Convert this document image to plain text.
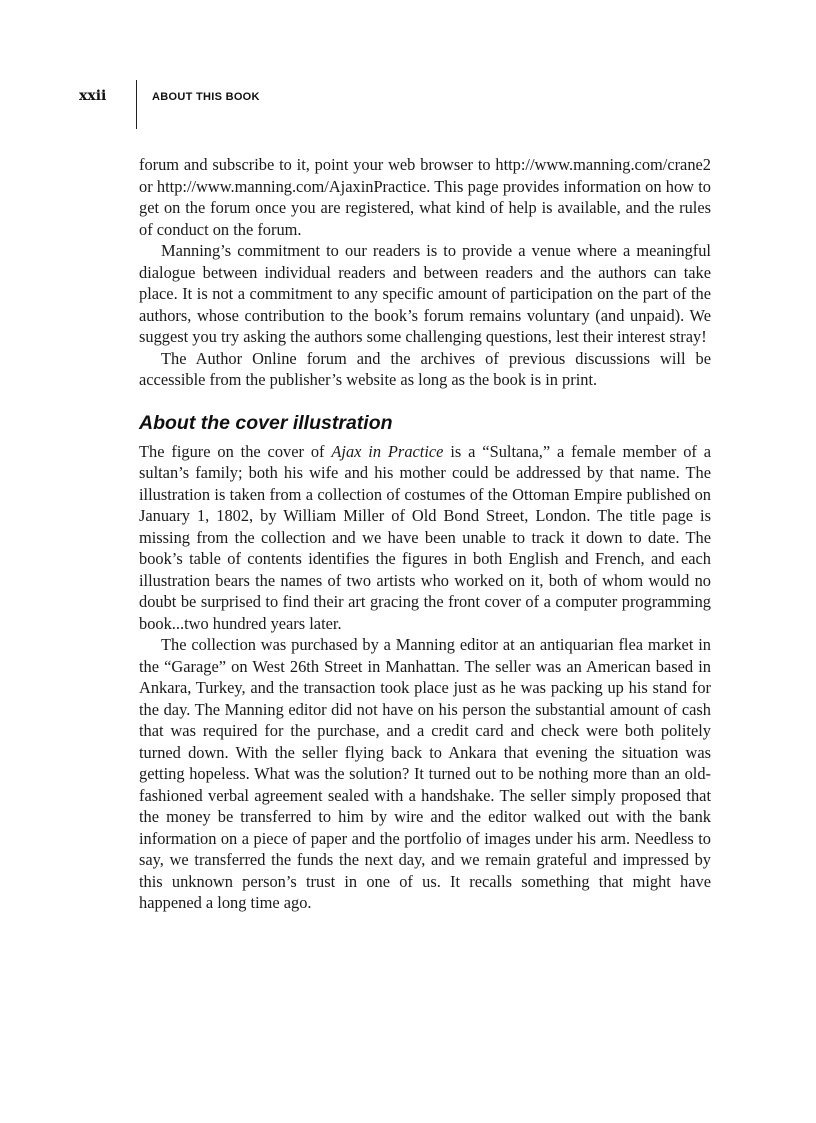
xxii	ABOUT THIS BOOK

forum and subscribe to it, point your web browser to http://www.manning.com/crane2 or http://www.manning.com/AjaxinPractice. This page provides information on how to get on the forum once you are registered, what kind of help is available, and the rules of conduct on the forum.

Manning’s commitment to our readers is to provide a venue where a meaningful dialogue between individual readers and between readers and the authors can take place. It is not a commitment to any specific amount of participation on the part of the authors, whose contribution to the book’s forum remains voluntary (and unpaid). We suggest you try asking the authors some challenging questions, lest their interest stray!

The Author Online forum and the archives of previous discussions will be accessible from the publisher’s website as long as the book is in print.

About the cover illustration

The figure on the cover of Ajax in Practice is a “Sultana,” a female member of a sultan’s family; both his wife and his mother could be addressed by that name. The illustration is taken from a collection of costumes of the Ottoman Empire published on January 1, 1802, by William Miller of Old Bond Street, London. The title page is missing from the collection and we have been unable to track it down to date. The book’s table of contents identifies the figures in both English and French, and each illustration bears the names of two artists who worked on it, both of whom would no doubt be surprised to find their art gracing the front cover of a computer programming book...two hundred years later.

The collection was purchased by a Manning editor at an antiquarian flea market in the “Garage” on West 26th Street in Manhattan. The seller was an American based in Ankara, Turkey, and the transaction took place just as he was packing up his stand for the day. The Manning editor did not have on his person the substantial amount of cash that was required for the purchase, and a credit card and check were both politely turned down. With the seller flying back to Ankara that evening the situation was getting hopeless. What was the solution? It turned out to be nothing more than an old-fashioned verbal agreement sealed with a handshake. The seller simply proposed that the money be transferred to him by wire and the editor walked out with the bank information on a piece of paper and the portfolio of images under his arm. Needless to say, we transferred the funds the next day, and we remain grateful and impressed by this unknown person’s trust in one of us. It recalls something that might have happened a long time ago.
